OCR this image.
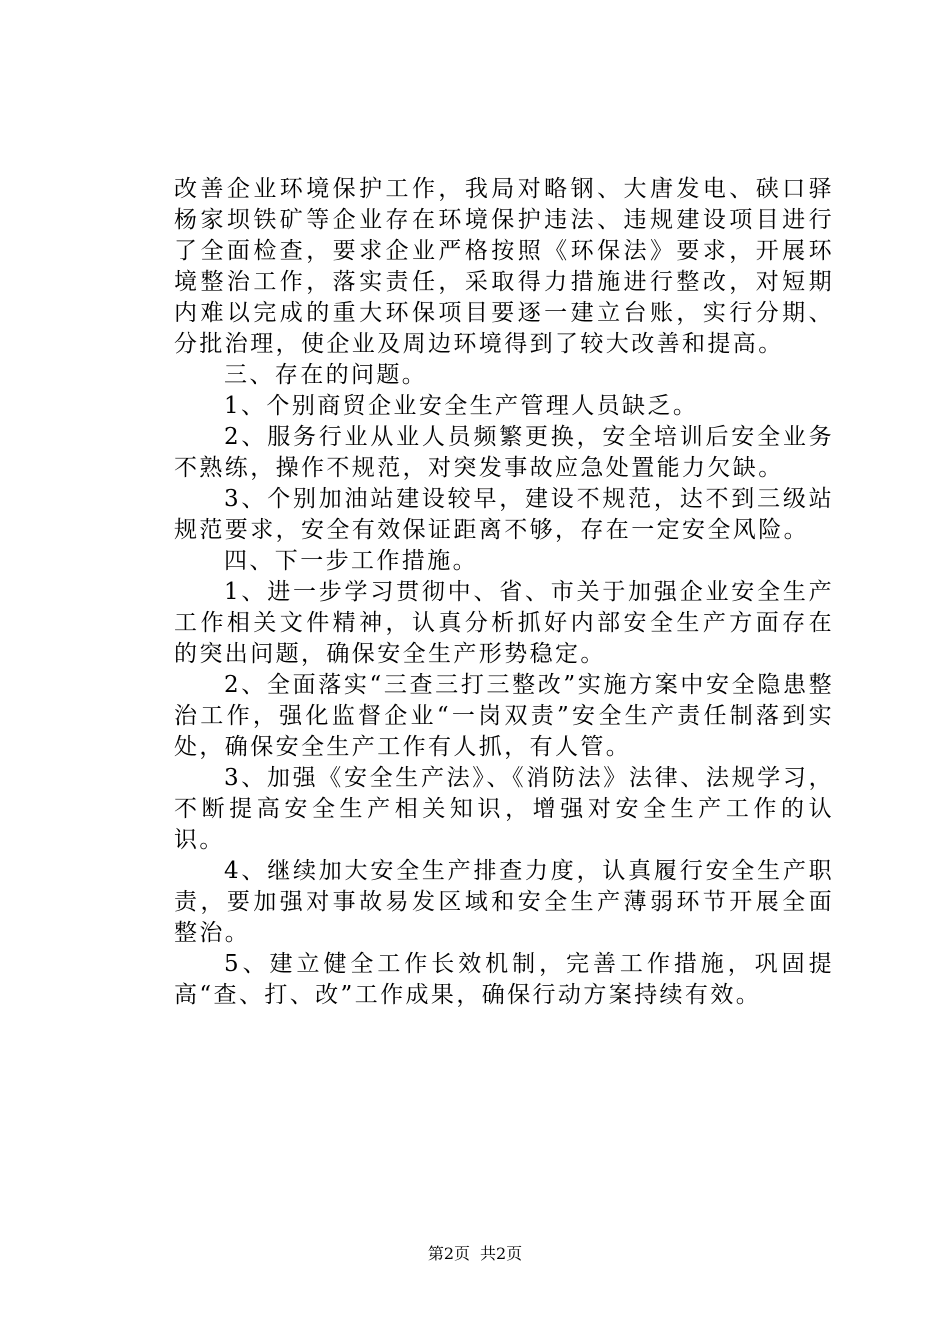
改善企业环境保护工作，我局对略钢、大唐发电、硖口驿杨家坝铁矿等企业存在环境保护违法、违规建设项目进行了全面检查，要求企业严格按照《环保法》要求，开展环境整治工作，落实责任，采取得力措施进行整改，对短期内难以完成的重大环保项目要逐一建立台账，实行分期、分批治理，使企业及周边环境得到了较大改善和提高。

三、存在的问题。

1、个别商贸企业安全生产管理人员缺乏。

2、服务行业从业人员频繁更换，安全培训后安全业务不熟练，操作不规范，对突发事故应急处置能力欠缺。

3、个别加油站建设较早，建设不规范，达不到三级站规范要求，安全有效保证距离不够，存在一定安全风险。

四、下一步工作措施。

1、进一步学习贯彻中、省、市关于加强企业安全生产工作相关文件精神，认真分析抓好内部安全生产方面存在的突出问题，确保安全生产形势稳定。

2、全面落实“三查三打三整改”实施方案中安全隐患整治工作，强化监督企业“一岗双责”安全生产责任制落到实处，确保安全生产工作有人抓，有人管。

3、加强《安全生产法》、《消防法》法律、法规学习，不断提高安全生产相关知识，增强对安全生产工作的认识。

4、继续加大安全生产排查力度，认真履行安全生产职责，要加强对事故易发区域和安全生产薄弱环节开展全面整治。

5、建立健全工作长效机制，完善工作措施，巩固提高“查、打、改”工作成果，确保行动方案持续有效。

第2页 共2页
